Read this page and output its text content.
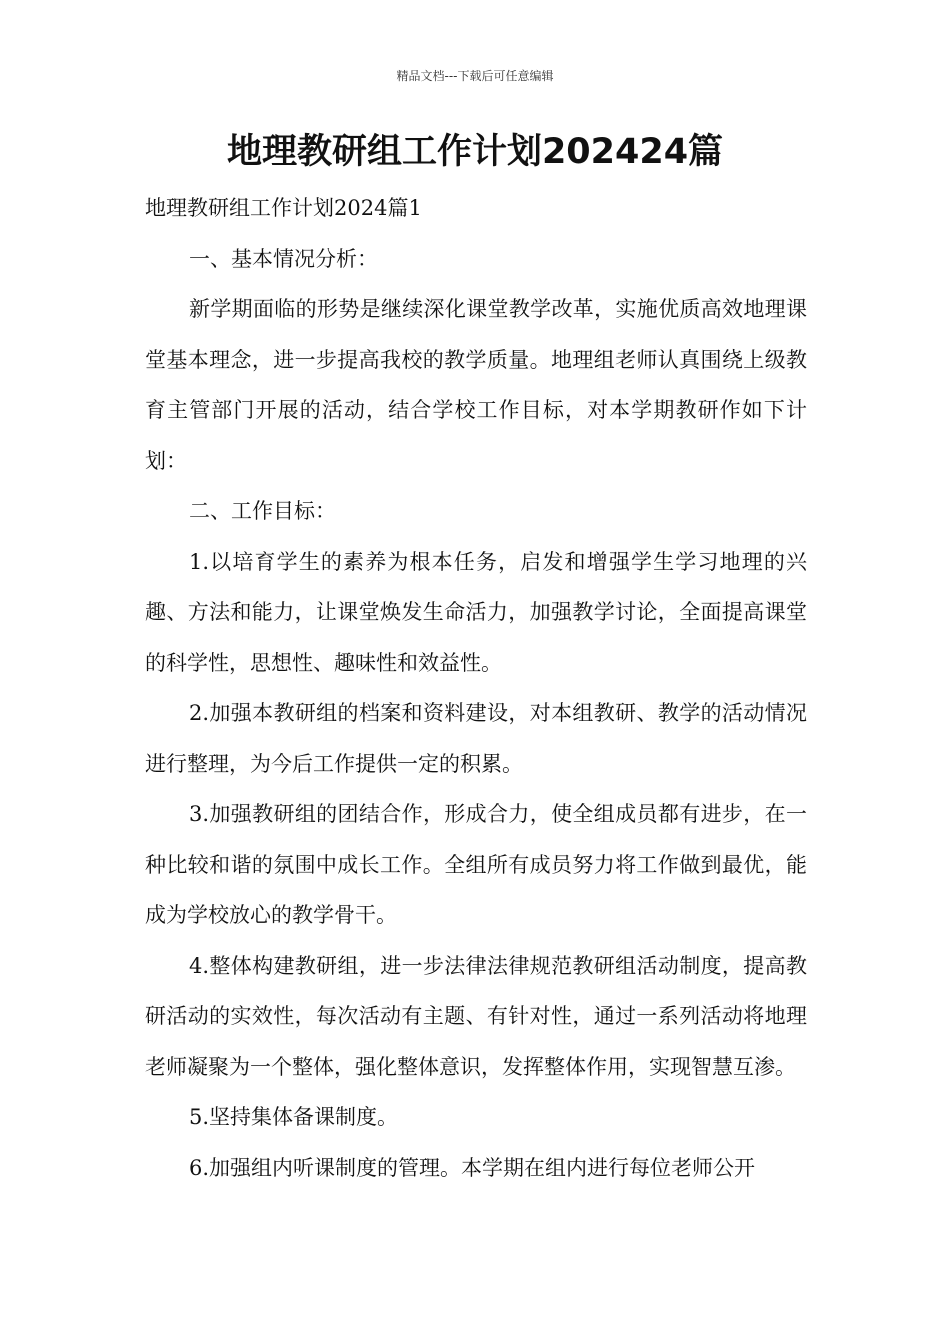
精品文档---下载后可任意编辑
地理教研组工作计划202424篇

地理教研组工作计划2024篇1

一、基本情况分析：

新学期面临的形势是继续深化课堂教学改革，实施优质高效地理课堂基本理念，进一步提高我校的教学质量。地理组老师认真围绕上级教育主管部门开展的活动，结合学校工作目标，对本学期教研作如下计划：

二、工作目标：

1.以培育学生的素养为根本任务，启发和增强学生学习地理的兴趣、方法和能力，让课堂焕发生命活力，加强教学讨论，全面提高课堂的科学性，思想性、趣味性和效益性。

2.加强本教研组的档案和资料建设，对本组教研、教学的活动情况进行整理，为今后工作提供一定的积累。

3.加强教研组的团结合作，形成合力，使全组成员都有进步，在一种比较和谐的氛围中成长工作。全组所有成员努力将工作做到最优，能成为学校放心的教学骨干。

4.整体构建教研组，进一步法律法律规范教研组活动制度，提高教研活动的实效性，每次活动有主题、有针对性，通过一系列活动将地理老师凝聚为一个整体，强化整体意识，发挥整体作用，实现智慧互渗。

5.坚持集体备课制度。

6.加强组内听课制度的管理。本学期在组内进行每位老师公开
